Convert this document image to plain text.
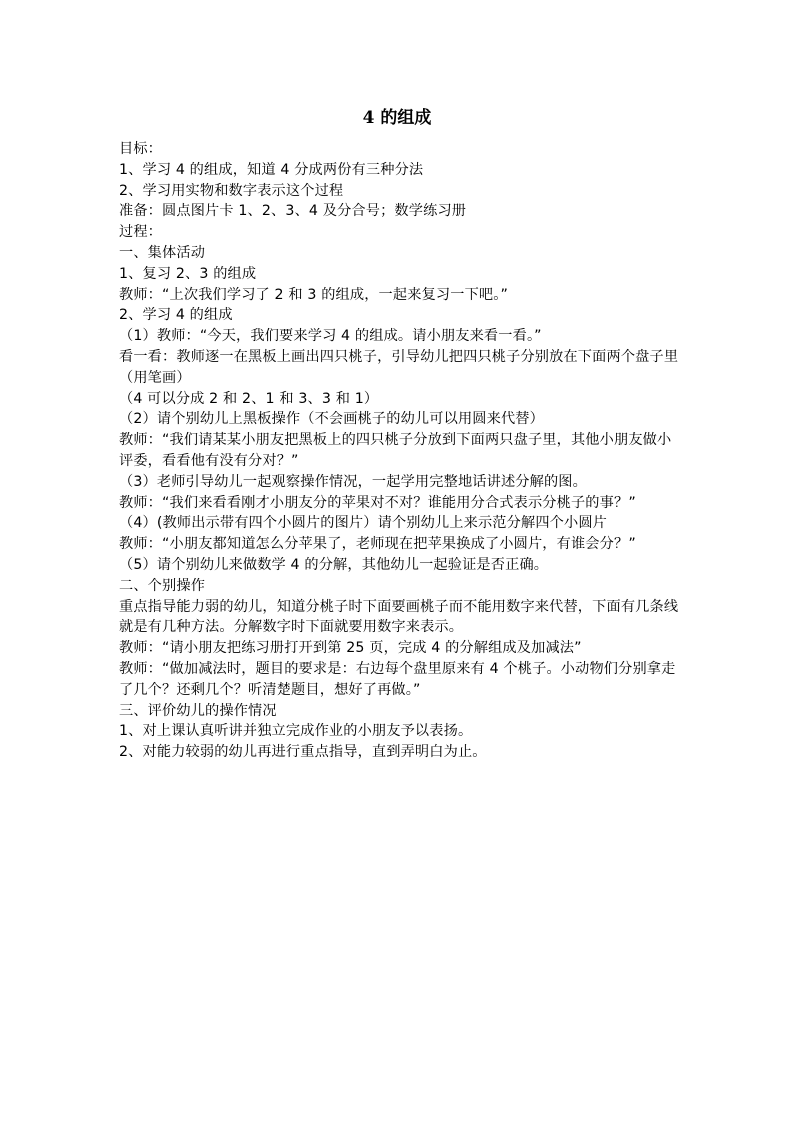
4 的组成
目标：
1、学习 4 的组成，知道 4 分成两份有三种分法
2、学习用实物和数字表示这个过程
准备：圆点图片卡 1、2、3、4 及分合号；数学练习册
过程：
一、集体活动
1、复习 2、3 的组成
教师：“上次我们学习了 2 和 3 的组成，一起来复习一下吧。”
2、学习 4 的组成
（1）教师：“今天，我们要来学习 4 的组成。请小朋友来看一看。”
看一看：教师逐一在黑板上画出四只桃子，引导幼儿把四只桃子分别放在下面两个盘子里（用笔画）
（4 可以分成 2 和 2、1 和 3、3 和 1）
（2）请个别幼儿上黑板操作（不会画桃子的幼儿可以用圆来代替）
教师：“我们请某某小朋友把黑板上的四只桃子分放到下面两只盘子里，其他小朋友做小评委，看看他有没有分对？”
（3）老师引导幼儿一起观察操作情况，一起学用完整地话讲述分解的图。
教师：“我们来看看刚才小朋友分的苹果对不对？谁能用分合式表示分桃子的事？”
（4）(教师出示带有四个小圆片的图片）请个别幼儿上来示范分解四个小圆片
教师：“小朋友都知道怎么分苹果了，老师现在把苹果换成了小圆片，有谁会分？”
（5）请个别幼儿来做数学 4 的分解，其他幼儿一起验证是否正确。
二、个别操作
重点指导能力弱的幼儿，知道分桃子时下面要画桃子而不能用数字来代替，下面有几条线就是有几种方法。分解数字时下面就要用数字来表示。
教师：“请小朋友把练习册打开到第 25 页，完成 4 的分解组成及加减法”
教师：“做加减法时，题目的要求是：右边每个盘里原来有 4 个桃子。小动物们分别拿走了几个？还剩几个？听清楚题目，想好了再做。”
三、评价幼儿的操作情况
1、对上课认真听讲并独立完成作业的小朋友予以表扬。
2、对能力较弱的幼儿再进行重点指导，直到弄明白为止。
